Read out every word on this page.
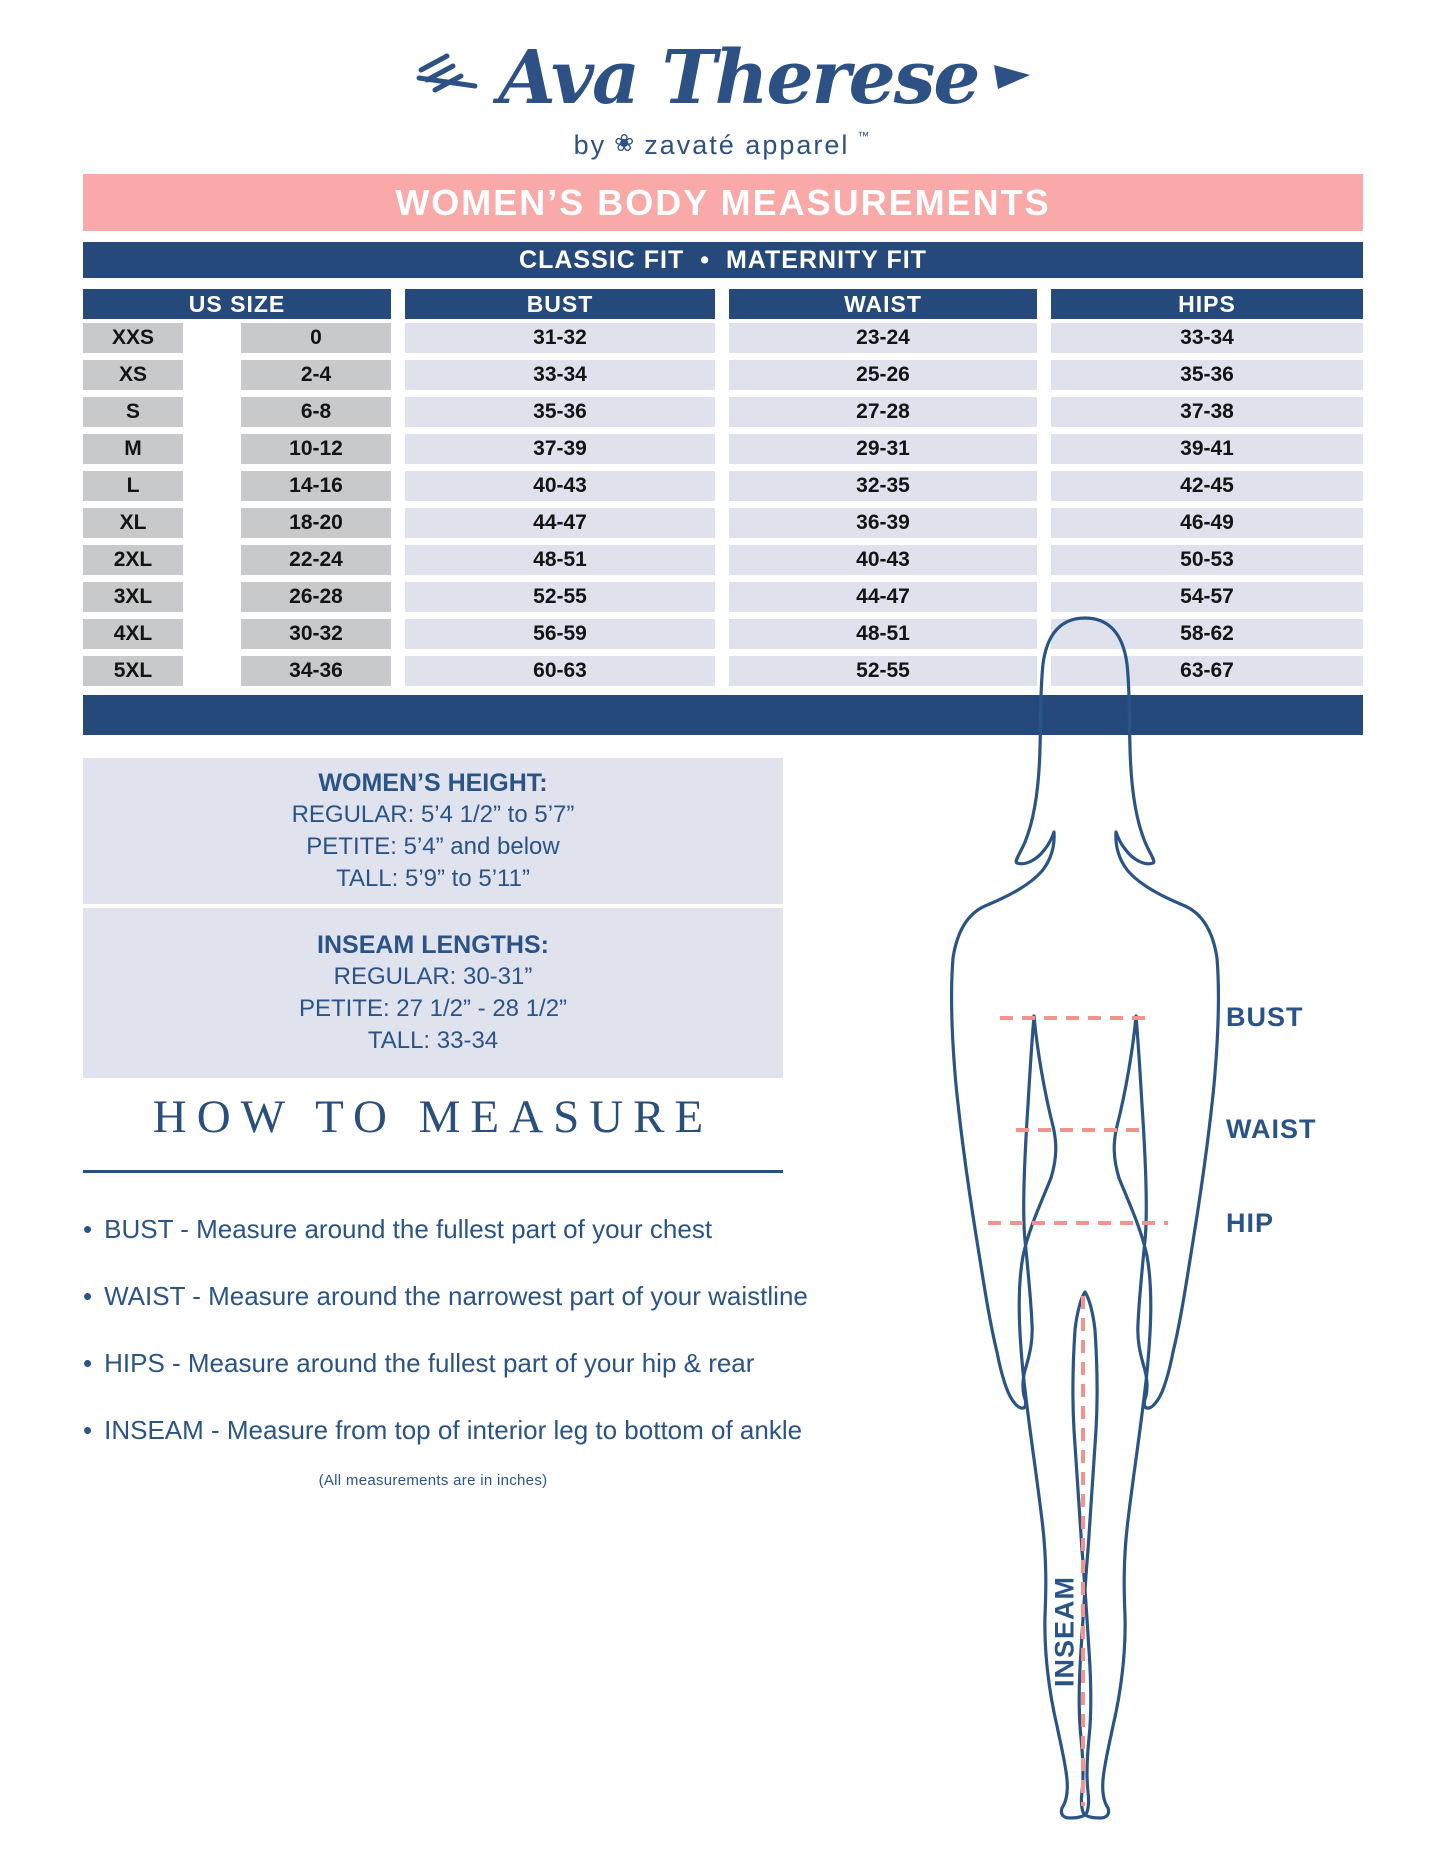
Ava Therese
by ❀ zavaté apparel ™
WOMEN’S BODY MEASUREMENTS
CLASSIC FIT • MATERNITY FIT
US SIZE	BUST	WAIST	HIPS
XXS	0	31-32	23-24	33-34
XS	2-4	33-34	25-26	35-36
S	6-8	35-36	27-28	37-38
M	10-12	37-39	29-31	39-41
L	14-16	40-43	32-35	42-45
XL	18-20	44-47	36-39	46-49
2XL	22-24	48-51	40-43	50-53
3XL	26-28	52-55	44-47	54-57
4XL	30-32	56-59	48-51	58-62
5XL	34-36	60-63	52-55	63-67
WOMEN’S HEIGHT:
REGULAR: 5’4 1/2” to 5’7”
PETITE: 5’4” and below
TALL: 5’9” to 5’11”
INSEAM LENGTHS:
REGULAR: 30-31”
PETITE: 27 1/2” - 28 1/2”
TALL: 33-34
HOW TO MEASURE
• BUST - Measure around the fullest part of your chest
• WAIST - Measure around the narrowest part of your waistline
• HIPS - Measure around the fullest part of your hip & rear
• INSEAM - Measure from top of interior leg to bottom of ankle
(All measurements are in inches)
BUST
WAIST
HIP
INSEAM
